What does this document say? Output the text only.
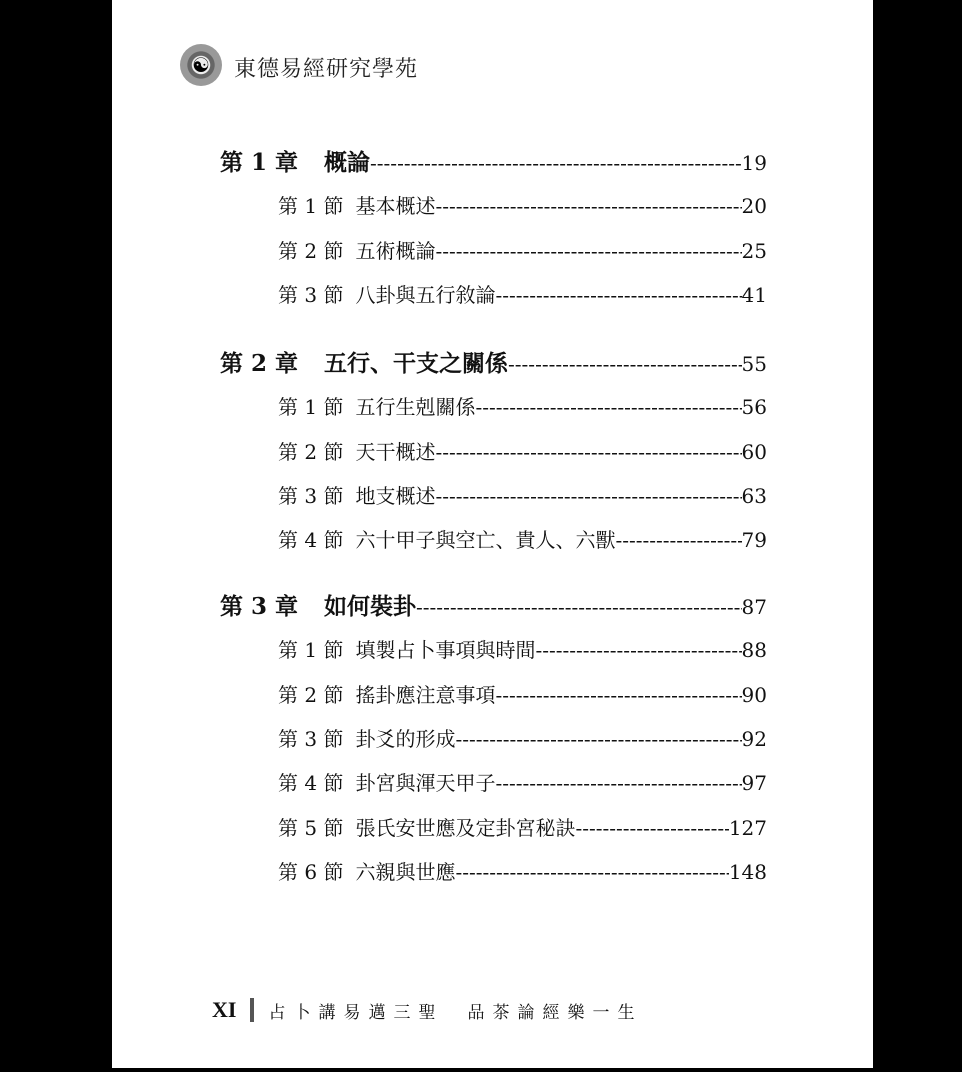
☯
東德易經研究學苑
第 1 章 概論 -----	19
第 1 節 基本概述 -----	20
第 2 節 五術概論 -----	25
第 3 節 八卦與五行敘論 -----	41
第 2 章 五行、干支之關係 -----	55
第 1 節 五行生剋關係 -----	56
第 2 節 天干概述 -----	60
第 3 節 地支概述 -----	63
第 4 節 六十甲子與空亡、貴人、六獸 -----	79
第 3 章 如何裝卦 -----	87
第 1 節 填製占卜事項與時間 -----	88
第 2 節 搖卦應注意事項 -----	90
第 3 節 卦爻的形成 -----	92
第 4 節 卦宮與渾天甲子 -----	97
第 5 節 張氏安世應及定卦宮秘訣 -----	127
第 6 節 六親與世應 -----	148
XI 占卜講易邁三聖 品茶論經樂一生
